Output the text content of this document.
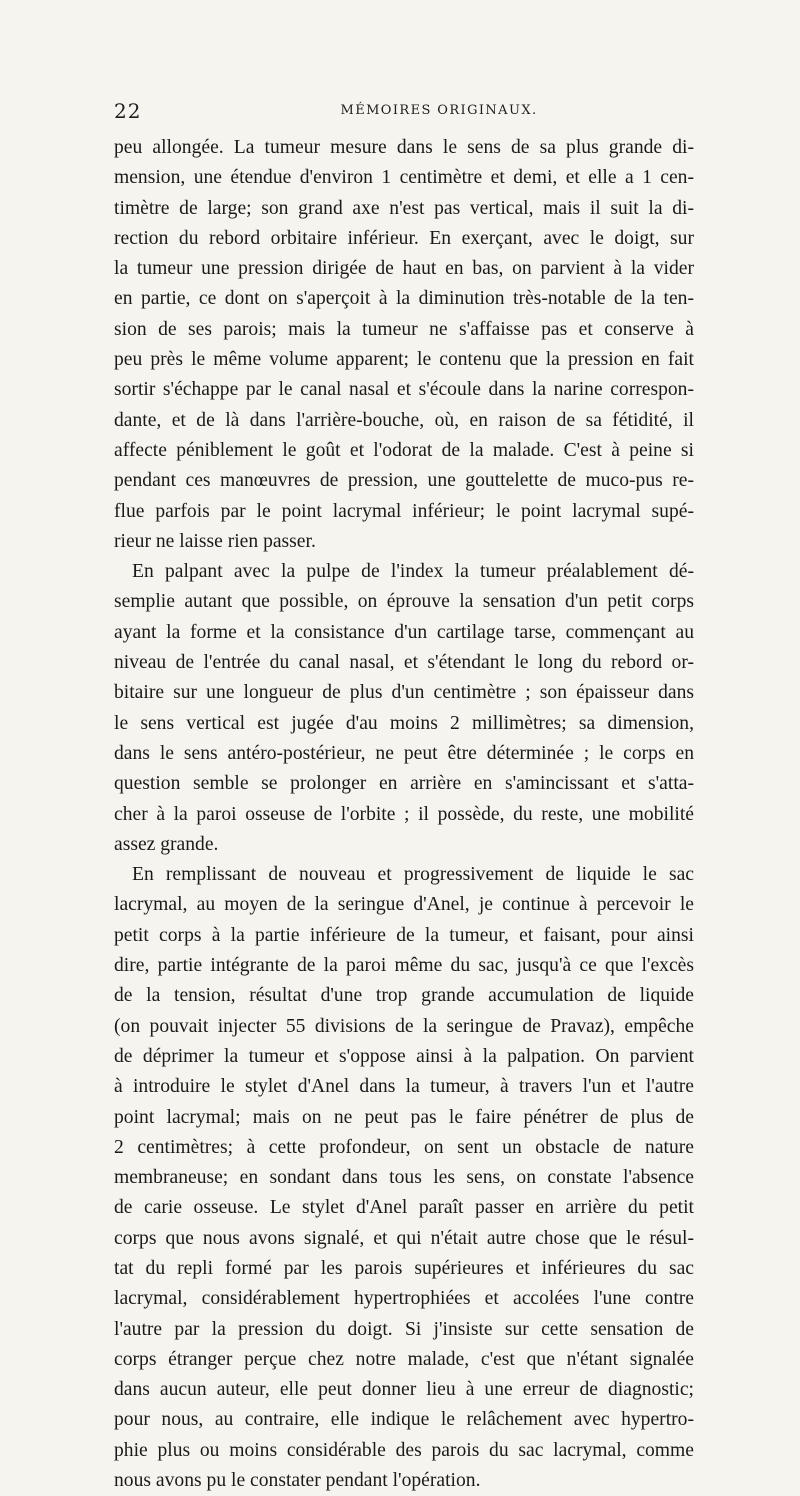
22	MÉMOIRES ORIGINAUX.
peu allongée. La tumeur mesure dans le sens de sa plus grande di-
mension, une étendue d'environ 1 centimètre et demi, et elle a 1 cen-
timètre de large; son grand axe n'est pas vertical, mais il suit la di-
rection du rebord orbitaire inférieur. En exerçant, avec le doigt, sur
la tumeur une pression dirigée de haut en bas, on parvient à la vider
en partie, ce dont on s'aperçoit à la diminution très-notable de la ten-
sion de ses parois; mais la tumeur ne s'affaisse pas et conserve à
peu près le même volume apparent; le contenu que la pression en fait
sortir s'échappe par le canal nasal et s'écoule dans la narine correspon-
dante, et de là dans l'arrière-bouche, où, en raison de sa fétidité, il
affecte péniblement le goût et l'odorat de la malade. C'est à peine si
pendant ces manœuvres de pression, une gouttelette de muco-pus re-
flue parfois par le point lacrymal inférieur; le point lacrymal supé-
rieur ne laisse rien passer.
En palpant avec la pulpe de l'index la tumeur préalablement dé-
semplie autant que possible, on éprouve la sensation d'un petit corps
ayant la forme et la consistance d'un cartilage tarse, commençant au
niveau de l'entrée du canal nasal, et s'étendant le long du rebord or-
bitaire sur une longueur de plus d'un centimètre ; son épaisseur dans
le sens vertical est jugée d'au moins 2 millimètres; sa dimension,
dans le sens antéro-postérieur, ne peut être déterminée ; le corps en
question semble se prolonger en arrière en s'amincissant et s'atta-
cher à la paroi osseuse de l'orbite ; il possède, du reste, une mobilité
assez grande.
En remplissant de nouveau et progressivement de liquide le sac
lacrymal, au moyen de la seringue d'Anel, je continue à percevoir le
petit corps à la partie inférieure de la tumeur, et faisant, pour ainsi
dire, partie intégrante de la paroi même du sac, jusqu'à ce que l'excès
de la tension, résultat d'une trop grande accumulation de liquide
(on pouvait injecter 55 divisions de la seringue de Pravaz), empêche
de déprimer la tumeur et s'oppose ainsi à la palpation. On parvient
à introduire le stylet d'Anel dans la tumeur, à travers l'un et l'autre
point lacrymal; mais on ne peut pas le faire pénétrer de plus de
2 centimètres; à cette profondeur, on sent un obstacle de nature
membraneuse; en sondant dans tous les sens, on constate l'absence
de carie osseuse. Le stylet d'Anel paraît passer en arrière du petit
corps que nous avons signalé, et qui n'était autre chose que le résul-
tat du repli formé par les parois supérieures et inférieures du sac
lacrymal, considérablement hypertrophiées et accolées l'une contre
l'autre par la pression du doigt. Si j'insiste sur cette sensation de
corps étranger perçue chez notre malade, c'est que n'étant signalée
dans aucun auteur, elle peut donner lieu à une erreur de diagnostic;
pour nous, au contraire, elle indique le relâchement avec hypertro-
phie plus ou moins considérable des parois du sac lacrymal, comme
nous avons pu le constater pendant l'opération.
